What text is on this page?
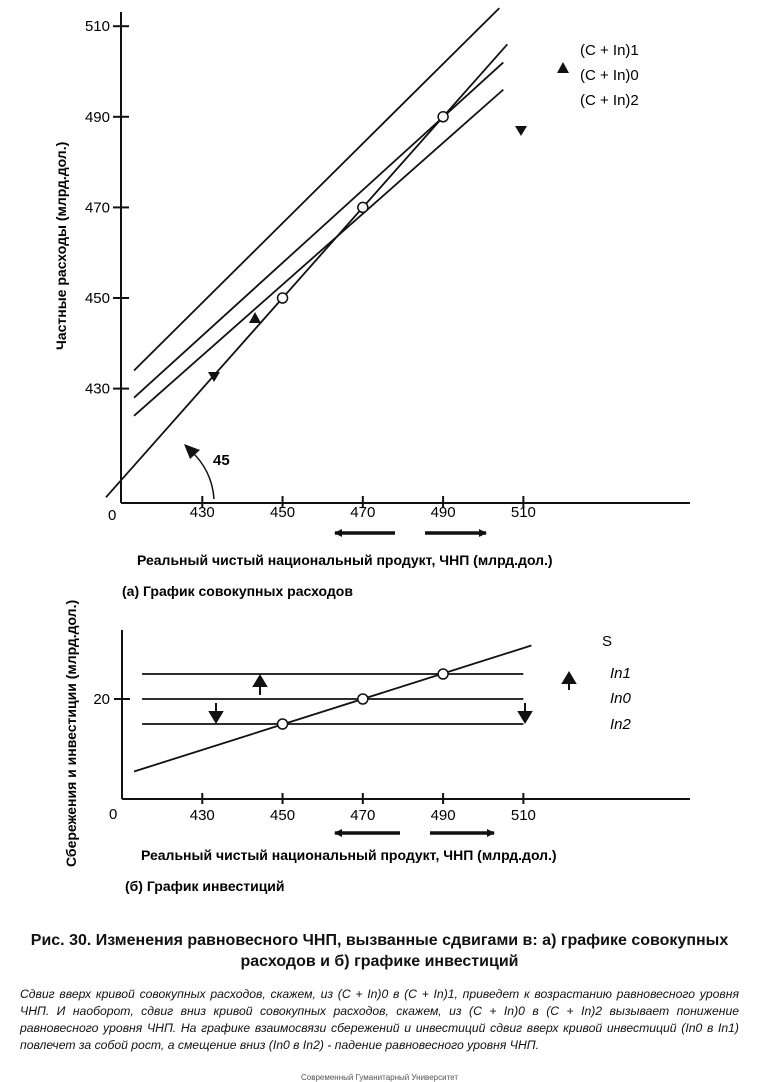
430
450
470
490
510
430	450	470	490	510
45
(C + In)1
(C + In)0
(C + In)2
0
Реальный чистый национальный продукт, ЧНП (млрд.дол.)
(a) График совокупных расходов
Частные расходы (млрд.дол.)
20
430	450	470	490	510
S
In1
In0
In2
0
Реальный чистый национальный продукт, ЧНП (млрд.дол.)
(б) График инвестиций
Сбережения и инвестиции (млрд.дол.)

Рис. 30. Изменения равновесного ЧНП, вызванные сдвигами в: а) графике совокупных расходов и б) графике инвестиций

Сдвиг вверх кривой совокупных расходов, скажем, из (C + In)0 в (C + In)1, приведет к возрастанию равновесного уровня ЧНП. И наоборот, сдвиг вниз кривой совокупных расходов, скажем, из (C + In)0 в (C + In)2 вызывает понижение равновесного уровня ЧНП. На графике взаимосвязи сбережений и инвестиций сдвиг вверх кривой инвестиций (In0 в In1) повлечет за собой рост, а смещение вниз (In0 в In2) - падение равновесного уровня ЧНП.

Современный Гуманитарный Университет
